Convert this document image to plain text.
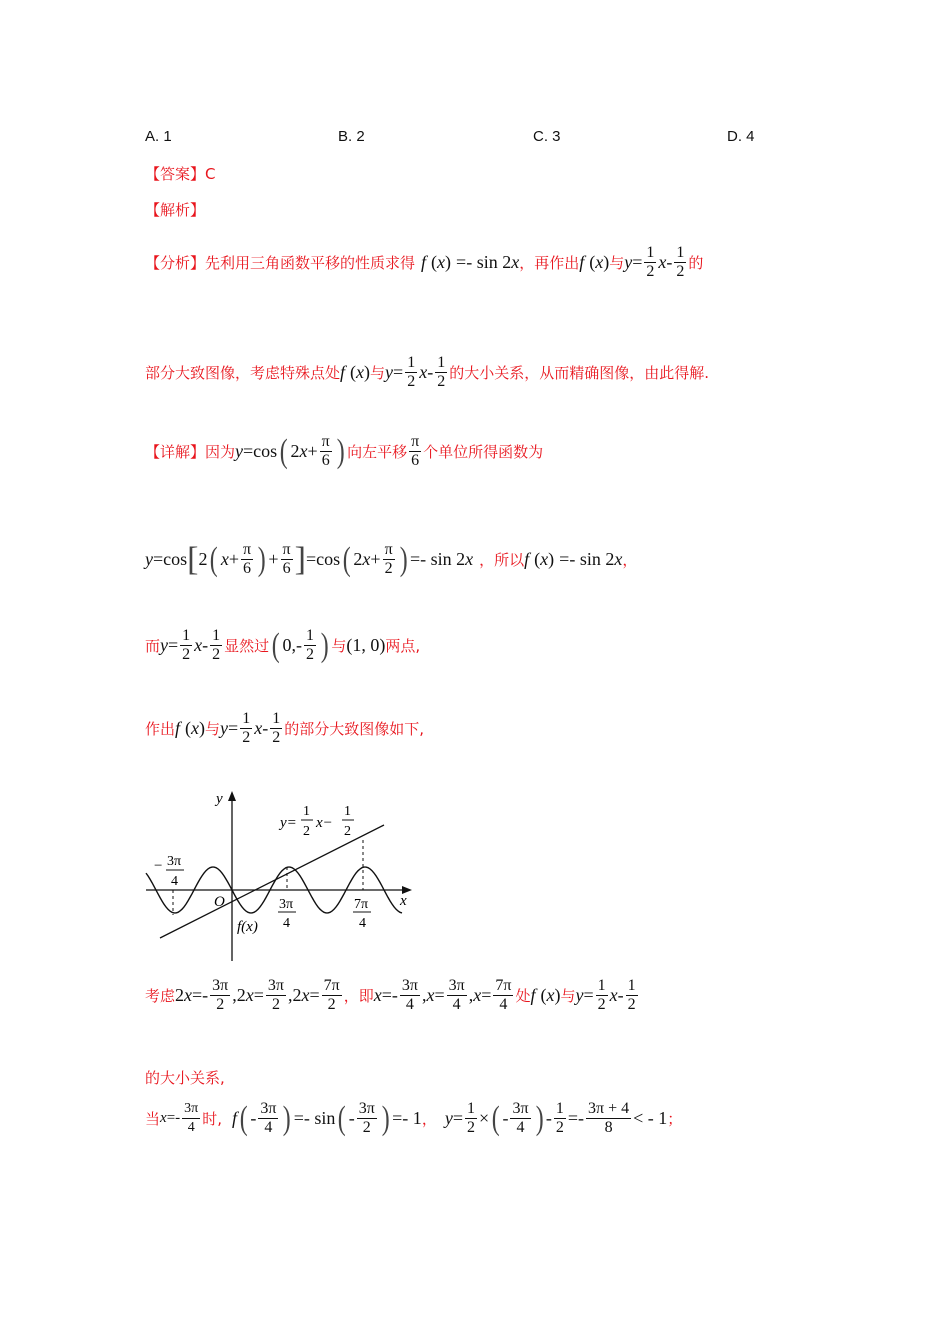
A. 1	B. 2	C. 3	D. 4
【答案】C
【解析】
【分析】 先利用三角函数平移的性质求得 f ( x ) =- sin 2 x ，再作出 f ( x ) 与 $y = \frac{1}{2}$ x - $\frac{1}{2}$ 的
部分大致图像，考虑特殊点处 f ( x ) 与 $y = \frac{1}{2}$ x - $\frac{1}{2}$ 的大小关系，从而精确图像，由此得解.
【详解】 因为 y =cos ( 2 $x + \frac{\pi}{6}$ ) 向左平移 $\frac{\pi}{6}$ 个单位所得函数为
y =cos [ 2 ( $x + \frac{\pi}{6}$ ) + $\frac{\pi}{6}$ ] =cos ( 2 $x + \frac{\pi}{2}$ ) =- sin 2 x ，所以 f ( x ) =- sin 2 x ，
而 $y = \frac{1}{2}$ x - $\frac{1}{2}$ 显然过 ( $0,- \frac{1}{2}$ ) 与 (1, 0) 两点,
作出 f ( x ) 与 $y = \frac{1}{2}$ x - $\frac{1}{2}$ 的部分大致图像如下,
y
x
O
f(x)
y=
1
2
x−
1
2
− 3π
4
3π
4
7π
4
考虑 2 $x =- \frac{3\pi}{2} ,2$ $x = \frac{3\pi}{2} ,2$ $x = \frac{7\pi}{2}$ ，即 $x =- \frac{3\pi}{4}$ , $x = \frac{3\pi}{4}$ , $x = \frac{7\pi}{4}$ 处 f ( x ) 与 $y = \frac{1}{2}$ x - $\frac{1}{2}$
的大小关系,
当 $x =- \frac{3\pi}{4}$ 时, f ( - $\frac{3\pi}{4}$ ) =- sin ( - $\frac{3\pi}{2}$ ) =- 1 ， $y = \frac{1}{2}$ × ( - $\frac{3\pi}{4}$ ) - $\frac{1}{2} =- \frac{3\pi + 4}{8}$ < - 1 ；
